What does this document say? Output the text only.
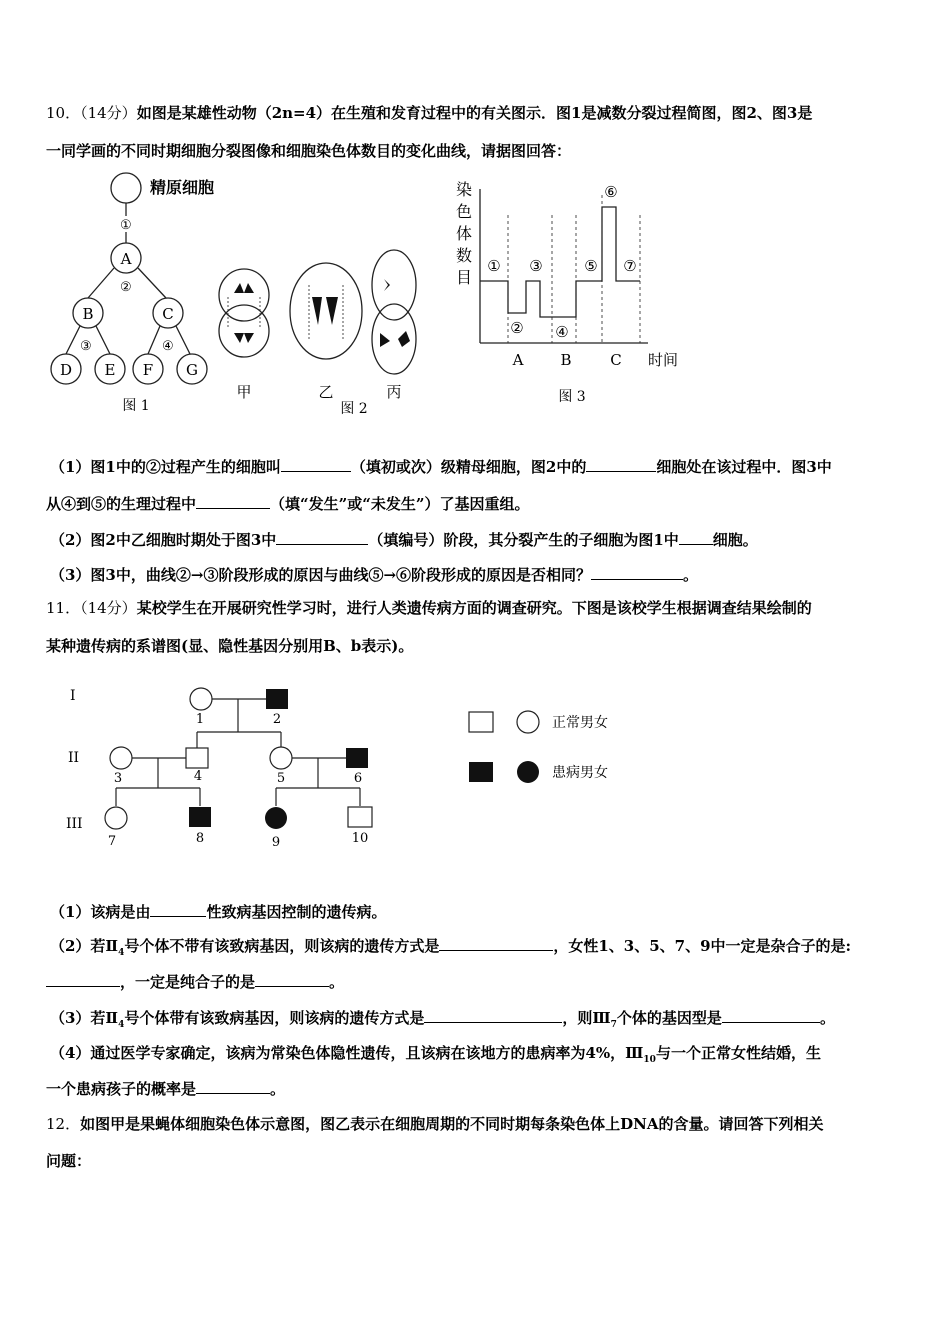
10．（14分）如图是某雄性动物（2n=4）在生殖和发育过程中的有关图示．图1是减数分裂过程简图，图2、图3是
一同学画的不同时期细胞分裂图像和细胞染色体数目的变化曲线，请据图回答：
精原细胞
①
A
②
B	C
③	④
D E F G
图 1
甲	乙	丙
图 2
染色体数目
①
②
③
④
⑤
⑥
⑦
A B	C 时间
图 3
（1）图1中的②过程产生的细胞叫	（填初或次）级精母细胞，图2中的	细胞处在该过程中．图3中
从④到⑤的生理过程中	（填“发生”或“未发生”）了基因重组。
（2）图2中乙细胞时期处于图3中	（填编号）阶段，其分裂产生的子细胞为图1中 细胞。
（3）图3中，曲线②→③阶段形成的原因与曲线⑤→⑥阶段形成的原因是否相同？	。
11．（14分）某校学生在开展研究性学习时，进行人类遗传病方面的调查研究。下图是该校学生根据调查结果绘制的
某种遗传病的系谱图(显、隐性基因分别用B、b表示)。
I
II
III
1	2
3	4	5	6
7	8	9	10
正常男女
患病男女
（1）该病是由	性致病基因控制的遗传病。
（2）若$Ⅱ_4$号个体不带有该致病基因，则该病的遗传方式是	，女性1、3、5、7、9中一定是杂合子的是:
，一定是纯合子的是	。
（3）若$Ⅱ_4$号个体带有该致病基因，则该病的遗传方式是	，则$Ⅲ_7$个体的基因型是	。
（4）通过医学专家确定，该病为常染色体隐性遗传，且该病在该地方的患病率为4%，$Ⅲ_{10}$与一个正常女性结婚，生
一个患病孩子的概率是	。
12．如图甲是果蝇体细胞染色体示意图，图乙表示在细胞周期的不同时期每条染色体上DNA的含量。请回答下列相关
问题：
